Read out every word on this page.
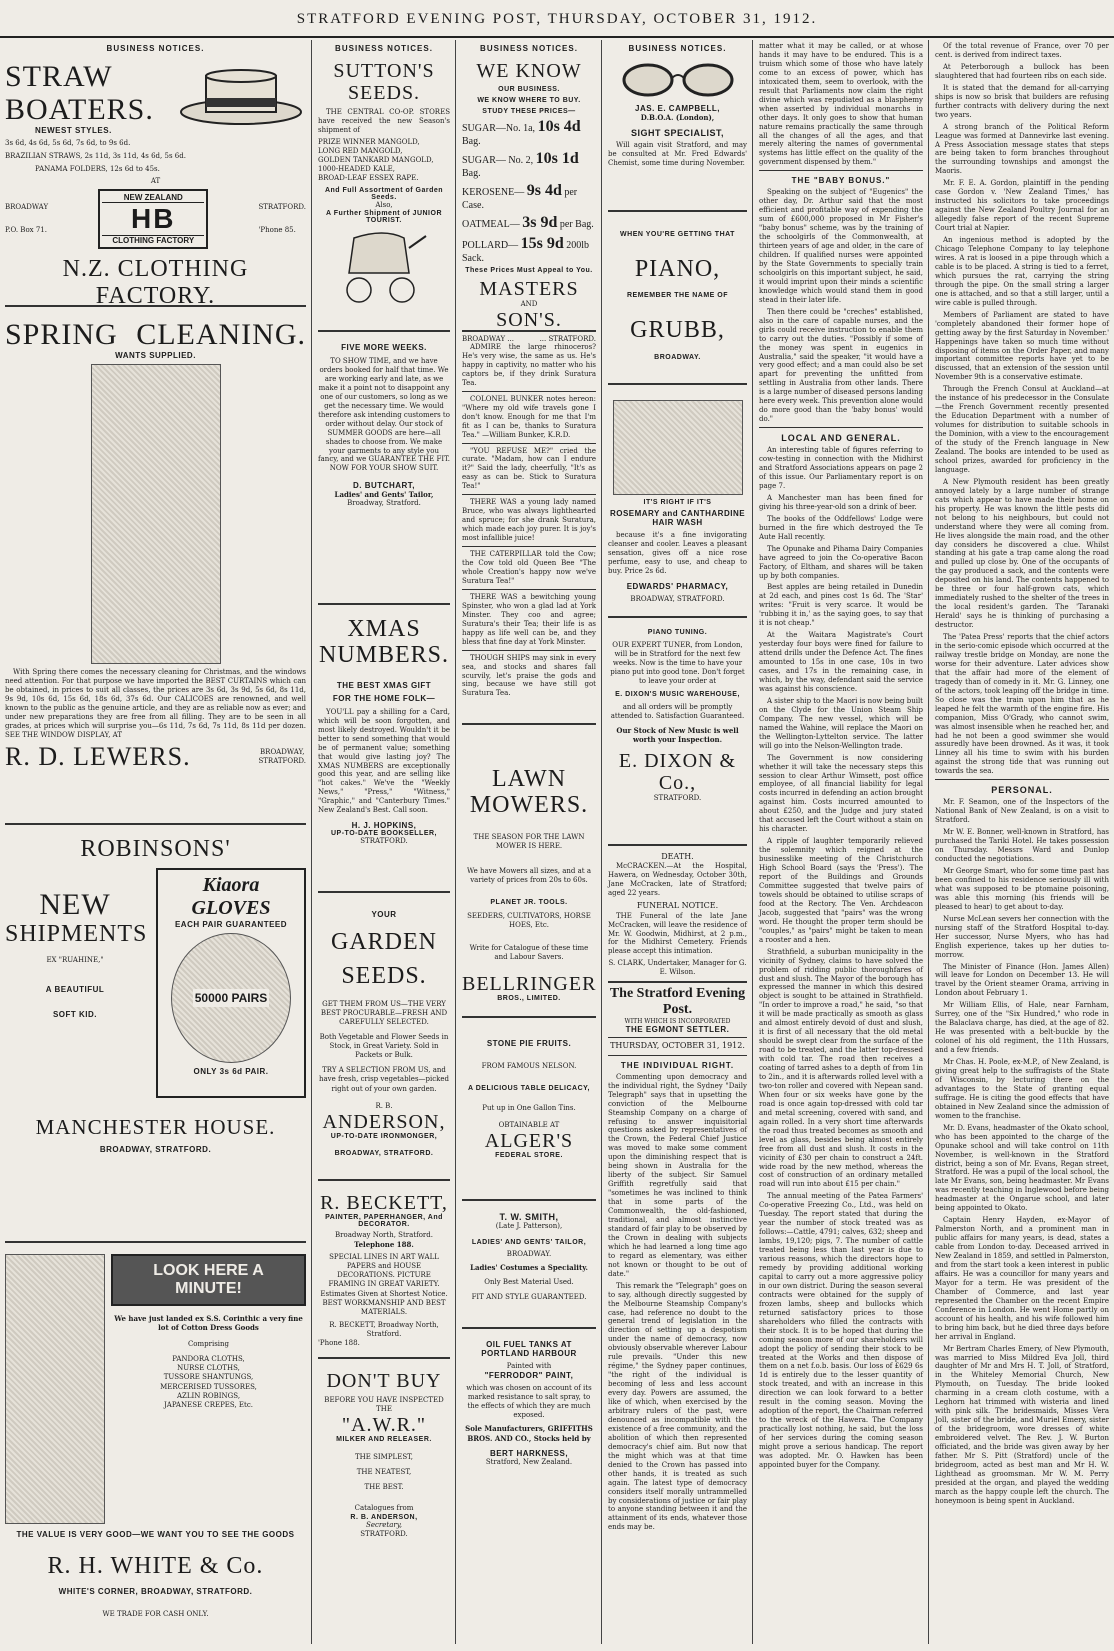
STRATFORD EVENING POST, THURSDAY, OCTOBER 31, 1912.
BUSINESS NOTICES.
STRAW
BOATERS.
NEWEST STYLES.
3s 6d, 4s 6d, 5s 6d, 7s 6d, to 9s 6d.
BRAZILIAN STRAWS, 2s 11d, 3s 11d, 4s 6d, 5s 6d.
PANAMA FOLDERS, 12s 6d to 45s.
AT
BROADWAY
P.O. Box 71.
NEW ZEALAND
HB
CLOTHING FACTORY
STRATFORD.
'Phone 85.
N.Z. CLOTHING FACTORY.
SPRING CLEANING.
WANTS SUPPLIED.
With Spring there comes the necessary cleaning for Christmas, and the windows need attention. For that purpose we have imported the BEST CURTAINS which can be obtained, in prices to suit all classes, the prices are 3s 6d, 3s 9d, 5s 6d, 8s 11d, 9s 9d, 10s 6d, 15s 6d, 18s 6d, 37s 6d. Our CALICOES are renowned, and well known to the public as the genuine article, and they are as reliable now as ever; and under new preparations they are free from all filling. They are to be seen in all grades, at prices which will surprise you—6s 11d, 7s 6d, 7s 11d, 8s 11d per dozen. SEE THE WINDOW DISPLAY, AT
R. D. LEWERS.	BROADWAY,
STRATFORD.
ROBINSONS'
NEW
SHIPMENTS
EX "RUAHINE,"
A BEAUTIFUL
SOFT KID.
Kiaora GLOVES
EACH PAIR GUARANTEED
50000 PAIRS
ONLY 3s 6d PAIR.
MANCHESTER HOUSE.
BROADWAY, STRATFORD.
LOOK HERE A MINUTE!
We have just landed ex S.S. Corinthic a very fine lot of Cotton Dress Goods
Comprising
PANDORA CLOTHS,
NURSE CLOTHS,
TUSSORE SHANTUNGS,
MERCERISED TUSSORES,
AZLIN ROBINGS,
JAPANESE CREPES, Etc.
THE VALUE IS VERY GOOD—WE WANT YOU TO SEE THE GOODS
R. H. WHITE & Co.
WHITE'S CORNER, BROADWAY, STRATFORD.
WE TRADE FOR CASH ONLY.
BUSINESS NOTICES.
SUTTON'S
SEEDS.
THE CENTRAL CO-OP. STORES have received the new Season's shipment of
PRIZE WINNER MANGOLD,
LONG RED MANGOLD,
GOLDEN TANKARD MANGOLD,
1000-HEADED KALE,
BROAD-LEAF ESSEX RAPE.
And Full Assortment of Garden Seeds.
Also,
A Further Shipment of JUNIOR TOURIST.
FIVE MORE WEEKS.
TO SHOW TIME, and we have orders booked for half that time. We are working early and late, as we make it a point not to disappoint any one of our customers, so long as we get the necessary time. We would therefore ask intending customers to order without delay. Our stock of SUMMER GOODS are here—all shades to choose from. We make your garments to any style you fancy, and we GUARANTEE THE FIT. NOW FOR YOUR SHOW SUIT.
D. BUTCHART,
Ladies' and Gents' Tailor,
Broadway, Stratford.
XMAS
NUMBERS.
THE BEST XMAS GIFT
FOR THE HOME FOLK—
YOU'LL pay a shilling for a Card, which will be soon forgotten, and most likely destroyed. Wouldn't it be better to send something that would be of permanent value; something that would give lasting joy? The XMAS NUMBERS are exceptionally good this year, and are selling like "hot cakes." We've the "Weekly News," "Press," "Witness," "Graphic," and "Canterbury Times." New Zealand's Best. Call soon.
H. J. HOPKINS,
UP-TO-DATE BOOKSELLER,
STRATFORD.
YOUR
GARDEN
SEEDS.
GET THEM FROM US—THE VERY BEST PROCURABLE—FRESH AND CAREFULLY SELECTED.
Both Vegetable and Flower Seeds in Stock, in Great Variety. Sold in Packets or Bulk.
TRY A SELECTION FROM US, and have fresh, crisp vegetables—picked right out of your own garden.
R. B.
ANDERSON,
UP-TO-DATE IRONMONGER,
BROADWAY, STRATFORD.
R. BECKETT,
PAINTER, PAPERHANGER, And DECORATOR.
Broadway North, Stratford.
Telephone 188.
SPECIAL LINES IN ART WALL PAPERS and HOUSE DECORATIONS. PICTURE FRAMING IN GREAT VARIETY. Estimates Given at Shortest Notice. BEST WORKMANSHIP AND BEST MATERIALS.
R. BECKETT, Broadway North, Stratford.
'Phone 188.
DON'T BUY
BEFORE YOU HAVE INSPECTED THE
"A.W.R."
MILKER AND RELEASER.
THE SIMPLEST,
THE NEATEST,
THE BEST.
Catalogues from
R. B. ANDERSON,
Secretary,
STRATFORD.
BUSINESS NOTICES.
WE KNOW
OUR BUSINESS.
WE KNOW WHERE TO BUY.
STUDY THESE PRICES—
SUGAR—No. 1a, 10s 4d Bag.
SUGAR— No. 2, 10s 1d Bag.
KEROSENE— 9s 4d per Case.
OATMEAL— 3s 9d per Bag.
POLLARD— 15s 9d 200lb Sack.
These Prices Must Appeal to You.
MASTERS
AND
SON'S.
BROADWAY ...	... STRATFORD.
ADMIRE the large rhinoceros? He's very wise, the same as us. He's happy in captivity, no matter who his captors be, if they drink Suratura Tea.
COLONEL BUNKER notes hereon: "Where my old wife travels gone I don't know. Enough for me that I'm fit as I can be, thanks to Suratura Tea." —William Bunker, K.R.D.
"YOU REFUSE ME?" cried the curate. "Madam, how can I endure it?" Said the lady, cheerfully, "It's as easy as can be. Stick to Suratura Tea!"
THERE WAS a young lady named Bruce, who was always lighthearted and spruce; for she drank Suratura, which made each joy purer. It is joy's most infallible juice!
THE CATERPILLAR told the Cow; the Cow told old Queen Bee "The whole Creation's happy now we've Suratura Tea!"
THERE WAS a bewitching young Spinster, who won a glad lad at York Minster. They coo and agree; Suratura's their Tea; their life is as happy as life well can be, and they bless that fine day at York Minster.
THOUGH SHIPS may sink in every sea, and stocks and shares fall scurvily, let's praise the gods and sing, because we have still got Suratura Tea.
LAWN
MOWERS.
THE SEASON FOR THE LAWN MOWER IS HERE.
We have Mowers all sizes, and at a variety of prices from 20s to 60s.
PLANET JR. TOOLS.
SEEDERS, CULTIVATORS, HORSE HOES, Etc.
Write for Catalogue of these time and Labour Savers.
BELLRINGER
BROS., LIMITED.
STONE PIE FRUITS.
FROM FAMOUS NELSON.
A DELICIOUS TABLE DELICACY,
Put up in One Gallon Tins.
OBTAINABLE AT
ALGER'S
FEDERAL STORE.
T. W. SMITH,
(Late J. Patterson),
LADIES' AND GENTS' TAILOR,
BROADWAY.
Ladies' Costumes a Speciality.
Only Best Material Used.
FIT AND STYLE GUARANTEED.
OIL FUEL TANKS AT PORTLAND HARBOUR
Painted with
"FERRODOR" PAINT,
which was chosen on account of its marked resistance to salt spray, to the effects of which they are much exposed.
Sole Manufacturers, GRIFFITHS BROS. AND CO., Stocks held by
BERT HARKNESS,
Stratford, New Zealand.
BUSINESS NOTICES.
JAS. E. CAMPBELL,
D.B.O.A. (London),
SIGHT SPECIALIST,
Will again visit Stratford, and may be consulted at Mr. Fred Edwards' Chemist, some time during November.
WHEN YOU'RE GETTING THAT
PIANO,
REMEMBER THE NAME OF
GRUBB,
BROADWAY.
IT'S RIGHT IF IT'S
ROSEMARY and CANTHARDINE HAIR WASH
because it's a fine invigorating cleanser and cooler. Leaves a pleasant sensation, gives off a nice rose perfume, easy to use, and cheap to buy. Price 2s 6d.
EDWARDS' PHARMACY,
BROADWAY, STRATFORD.
PIANO TUNING.
OUR EXPERT TUNER, from London, will be in Stratford for the next few weeks. Now is the time to have your piano put into good tone. Don't forget to leave your order at
E. DIXON'S MUSIC WAREHOUSE,
and all orders will be promptly attended to. Satisfaction Guaranteed.
Our Stock of New Music is well worth your Inspection.
E. DIXON & Co.,
STRATFORD.
DEATH.
McCRACKEN.—At the Hospital, Hawera, on Wednesday, October 30th, Jane McCracken, late of Stratford; aged 22 years.
FUNERAL NOTICE.
THE Funeral of the late Jane McCracken, will leave the residence of Mr. W. Goodwin, Midhirst, at 2 p.m., for the Midhirst Cemetery. Friends please accept this intimation.
S. CLARK, Undertaker, Manager for G. E. Wilson.
The Stratford Evening Post.
WITH WHICH IS INCORPORATED
THE EGMONT SETTLER.
THURSDAY, OCTOBER 31, 1912.
THE INDIVIDUAL RIGHT.
Commenting upon democracy and the individual right, the Sydney "Daily Telegraph" says that in upsetting the conviction of the Melbourne Steamship Company on a charge of refusing to answer inquisitorial questions asked by representatives of the Crown, the Federal Chief Justice was moved to make some comment upon the diminishing respect that is being shown in Australia for the liberty of the subject. Sir Samuel Griffith regretfully said that "sometimes he was inclined to think that in some parts of the Commonwealth, the old-fashioned, traditional, and almost instinctive standard of fair play to be observed by the Crown in dealing with subjects which he had learned a long time ago to regard as elementary, was either not known or thought to be out of date."
This remark the "Telegraph" goes on to say, although directly suggested by the Melbourne Steamship Company's case, had reference no doubt to the general trend of legislation in the direction of setting up a despotism under the name of democracy, now obviously observable wherever Labour rule prevails. "Under this new régime," the Sydney paper continues, "the right of the individual is becoming of less and less account every day. Powers are assumed, the like of which, when exercised by the arbitrary rulers of the past, were denounced as incompatible with the existence of a free community, and the abolition of which then represented democracy's chief aim. But now that the might which was at that time denied to the Crown has passed into other hands, it is treated as such again. The latest type of democracy considers itself morally untrammelled by considerations of justice or fair play to anyone standing between it and the attainment of its ends, whatever those ends may be.
matter what it may be called, or at whose hands it may have to be endured. This is a truism which some of those who have lately come to an excess of power, which has intoxicated them, seem to overlook, with the result that Parliaments now claim the right divine which was repudiated as a blasphemy when asserted by individual monarchs in other days. It only goes to show that human nature remains practically the same through all the changes of all the ages, and that merely altering the names of governmental systems has little effect on the quality of the government dispensed by them."
THE "BABY BONUS."
Speaking on the subject of "Eugenics" the other day, Dr. Arthur said that the most efficient and profitable way of expending the sum of £600,000 proposed in Mr Fisher's "baby bonus" scheme, was by the training of the schoolgirls of the Commonwealth, at thirteen years of age and older, in the care of children. If qualified nurses were appointed by the State Governments to specially train schoolgirls on this important subject, he said, it would imprint upon their minds a scientific knowledge which would stand them in good stead in their later life.
Then there could be "creches" established, also in the care of capable nurses, and the girls could receive instruction to enable them to carry out the duties. "Possibly if some of the money was spent in eugenics in Australia," said the speaker, "it would have a very good effect; and a man could also be set apart for preventing the unfitted from settling in Australia from other lands. There is a large number of diseased persons landing here every week. This prevention alone would do more good than the 'baby bonus' would do."
LOCAL AND GENERAL.
An interesting table of figures referring to cow-testing in connection with the Midhirst and Stratford Associations appears on page 2 of this issue. Our Parliamentary report is on page 7.
A Manchester man has been fined for giving his three-year-old son a drink of beer.
The books of the Oddfellows' Lodge were burned in the fire which destroyed the Te Aute Hall recently.
The Opunake and Pihama Dairy Companies have agreed to join the Co-operative Bacon Factory, of Eltham, and shares will be taken up by both companies.
Best apples are being retailed in Dunedin at 2d each, and pines cost 1s 6d. The 'Star' writes: "Fruit is very scarce. It would be 'rubbing it in,' as the saying goes, to say that it is not cheap."
At the Waitara Magistrate's Court yesterday four boys were fined for failure to attend drills under the Defence Act. The fines amounted to 15s in one case, 10s in two cases, and 17s in the remaining case, in which, by the way, defendant said the service was against his conscience.
A sister ship to the Maori is now being built on the Clyde for the Union Steam Ship Company. The new vessel, which will be named the Wahine, will replace the Maori on the Wellington-Lyttelton service. The latter will go into the Nelson-Wellington trade.
The Government is now considering whether it will take the necessary steps this session to clear Arthur Wimsett, post office employee, of all financial liability for legal costs incurred in defending an action brought against him. Costs incurred amounted to about £250, and the Judge and jury stated that accused left the Court without a stain on his character.
A ripple of laughter temporarily relieved the solemnity which reigned at the businesslike meeting of the Christchurch High School Board (says the 'Press'). The report of the Buildings and Grounds Committee suggested that twelve pairs of towels should be obtained to utilise scraps of food at the Rectory. The Ven. Archdeacon Jacob, suggested that "pairs" was the wrong word. He thought the proper term should be "couples," as "pairs" might be taken to mean a rooster and a hen.
Strathfield, a suburban municipality in the vicinity of Sydney, claims to have solved the problem of ridding public thoroughfares of dust and slush. The Mayor of the borough has expressed the manner in which this desired object is sought to be attained in Strathfield. "In order to improve a road," he said, "so that it will be made practically as smooth as glass and almost entirely devoid of dust and slush, it is first of all necessary that the old metal should be swept clear from the surface of the road to be treated, and the latter top-dressed with cold tar. The road then receives a coating of tarred ashes to a depth of from 1in to 2in., and it is afterwards rolled level with a two-ton roller and covered with Nepean sand. When four or six weeks have gone by the road is once again top-dressed with cold tar and metal screening, covered with sand, and again rolled. In a very short time afterwards the road thus treated becomes as smooth and level as glass, besides being almost entirely free from all dust and slush. It costs in the vicinity of £30 per chain to construct a 24ft. wide road by the new method, whereas the cost of construction of an ordinary metalled road will run into about £15 per chain."
The annual meeting of the Patea Farmers' Co-operative Freezing Co., Ltd., was held on Tuesday. The report stated that during the year the number of stock treated was as follows:—Cattle, 4791; calves, 632; sheep and lambs, 19,120; pigs, 7. The number of cattle treated being less than last year is due to various reasons, which the directors hope to remedy by providing additional working capital to carry out a more aggressive policy in our own district. During the season several contracts were obtained for the supply of frozen lambs, sheep and bullocks which returned satisfactory prices to those shareholders who filled the contracts with their stock. It is to be hoped that during the coming season more of our shareholders will adopt the policy of sending their stock to be treated at the Works and then dispose of them on a net f.o.b. basis. Our loss of £629 6s 1d is entirely due to the lesser quantity of stock treated, and with an increase in this direction we can look forward to a better result in the coming season. Moving the adoption of the report, the Chairman referred to the wreck of the Hawera. The Company practically lost nothing, he said, but the loss of her services during the coming season might prove a serious handicap. The report was adopted. Mr. O. Hawken has been appointed buyer for the Company.
Of the total revenue of France, over 70 per cent. is derived from indirect taxes.
At Peterborough a bullock has been slaughtered that had fourteen ribs on each side.
It is stated that the demand for all-carrying ships is now so brisk that builders are refusing further contracts with delivery during the next two years.
A strong branch of the Political Reform League was formed at Dannevirke last evening. A Press Association message states that steps are being taken to form branches throughout the surrounding townships and amongst the Maoris.
Mr. F. E. A. Gordon, plaintiff in the pending case Gordon v. 'New Zealand Times,' has instructed his solicitors to take proceedings against the New Zealand Poultry Journal for an allegedly false report of the recent Supreme Court trial at Napier.
An ingenious method is adopted by the Chicago Telephone Company to lay telephone wires. A rat is loosed in a pipe through which a cable is to be placed. A string is tied to a ferret, which pursues the rat, carrying the string through the pipe. On the small string a larger one is attached, and so that a still larger, until a wire cable is pulled through.
Members of Parliament are stated to have 'completely abandoned their former hope of getting away by the first Saturday in November.' Happenings have taken so much time without disposing of items on the Order Paper, and many important committee reports have yet to be discussed, that an extension of the session until November 9th is a conservative estimate.
Through the French Consul at Auckland—at the instance of his predecessor in the Consulate—the French Government recently presented the Education Department with a number of volumes for distribution to suitable schools in the Dominion, with a view to the encouragement of the study of the French language in New Zealand. The books are intended to be used as school prizes, awarded for proficiency in the language.
A New Plymouth resident has been greatly annoyed lately by a large number of strange cats which appear to have made their home on his property. He was known the little pests did not belong to his neighbours, but could not understand where they were all coming from. He lives alongside the main road, and the other day considers he discovered a clue. Whilst standing at his gate a trap came along the road and pulled up close by. One of the occupants of the gay produced a sack, and the contents were deposited on his land. The contents happened to be three or four half-grown cats, which immediately rushed to the shelter of the trees in the local resident's garden. The 'Taranaki Herald' says he is thinking of purchasing a destructor.
The 'Patea Press' reports that the chief actors in the serio-comic episode which occurred at the railway trestle bridge on Monday, are none the worse for their adventure. Later advices show that the affair had more of the element of tragedy than of comedy in it. Mr. G. Linney, one of the actors, took leaping off the bridge in time. So close was the train upon him that as he leaped he felt the warmth of the engine fire. His companion, Miss O'Grady, who cannot swim, was almost insensible when he reached her, and had he not been a good swimmer she would assuredly have been drowned. As it was, it took Linney all his time to swim with his burden against the strong tide that was running out towards the sea.
PERSONAL.
Mr. F. Seamon, one of the Inspectors of the National Bank of New Zealand, is on a visit to Stratford.
Mr W. E. Bonner, well-known in Stratford, has purchased the Tariki Hotel. He takes possession on Thursday. Messrs Ward and Dunlop conducted the negotiations.
Mr George Smart, who for some time past has been confined to his residence seriously ill with what was supposed to be ptomaine poisoning, was able this morning (his friends will be pleased to hear) to get about to-day.
Nurse McLean severs her connection with the nursing staff of the Stratford Hospital to-day. Her successor, Nurse Myers, who has had English experience, takes up her duties to-morrow.
The Minister of Finance (Hon. James Allen) will leave for London on December 13. He will travel by the Orient steamer Orama, arriving in London about February 1.
Mr William Ellis, of Hale, near Farnham, Surrey, one of the "Six Hundred," who rode in the Balaclava charge, has died, at the age of 82. He was presented with a belt-buckle by the colonel of his old regiment, the 11th Hussars, and a few friends.
Mr Chas. H. Poole, ex-M.P., of New Zealand, is giving great help to the suffragists of the State of Wisconsin, by lecturing there on the advantages to the State of granting equal suffrage. He is citing the good effects that have obtained in New Zealand since the admission of women to the franchise.
Mr. D. Evans, headmaster of the Okato school, who has been appointed to the charge of the Opunake school and will take control on 11th November, is well-known in the Stratford district, being a son of Mr. Evans, Regan street, Stratford. He was a pupil of the local school, the late Mr Evans, son, being headmaster. Mr Evans was recently teaching in Inglewood before being headmaster at the Ongarue school, and later being appointed to Okato.
Captain Henry Hayden, ex-Mayor of Palmerston North, and a prominent man in public affairs for many years, is dead, states a cable from London to-day. Deceased arrived in New Zealand in 1859, and settled in Palmerston, and from the start took a keen interest in public affairs. He was a councillor for many years and Mayor for a term. He was president of the Chamber of Commerce, and last year represented the Chamber on the recent Empire Conference in London. He went Home partly on account of his health, and his wife followed him to bring him back, but he died three days before her arrival in England.
Mr Bertram Charles Emery, of New Plymouth, was married to Miss Mildred Eva Joll, third daughter of Mr and Mrs H. T. Joll, of Stratford, in the Whiteley Memorial Church, New Plymouth, on Tuesday. The bride looked charming in a cream cloth costume, with a Leghorn hat trimmed with wisteria and lined with pink silk. The bridesmaids, Misses Vera Joll, sister of the bride, and Muriel Emery, sister of the bridegroom, wore dresses of white embroidered velvet. The Rev. J. W. Burton officiated, and the bride was given away by her father. Mr S. Pitt (Stratford) uncle of the bridegroom, acted as best man and Mr H. W. Lighthead as groomsman. Mr W. M. Perry presided at the organ, and played the wedding march as the happy couple left the church. The honeymoon is being spent in Auckland.
